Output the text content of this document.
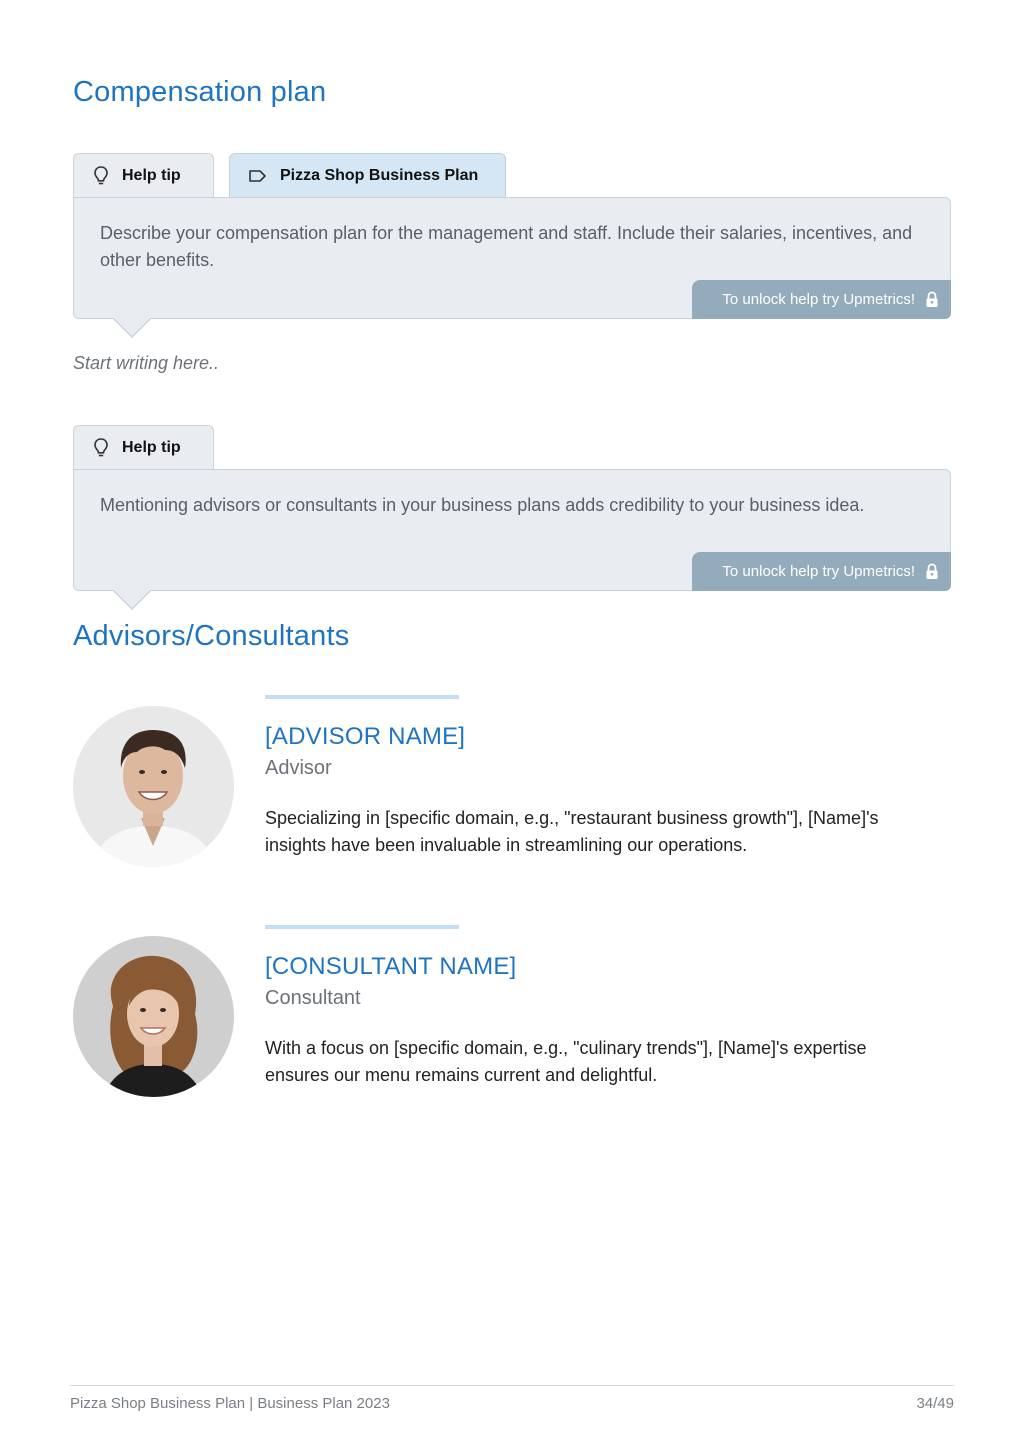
Compensation plan
Help tip	Pizza Shop Business Plan

Describe your compensation plan for the management and staff. Include their salaries, incentives, and other benefits.

To unlock help try Upmetrics!
Start writing here..
Help tip

Mentioning advisors or consultants in your business plans adds credibility to your business idea.

To unlock help try Upmetrics!
Advisors/Consultants
[ADVISOR NAME]
Advisor

Specializing in [specific domain, e.g., "restaurant business growth"], [Name]'s insights have been invaluable in streamlining our operations.

[CONSULTANT NAME]
Consultant

With a focus on [specific domain, e.g., "culinary trends"], [Name]'s expertise ensures our menu remains current and delightful.

Pizza Shop Business Plan | Business Plan 2023	34/49
